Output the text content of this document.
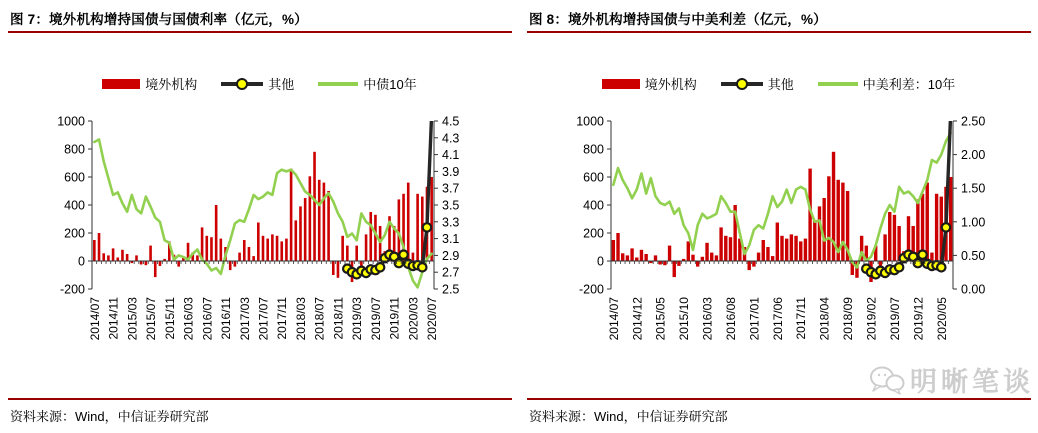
图 7：境外机构增持国债与国债利率（亿元，%）
境外机构	其他	中债10年
-200
0
200
400
600
800
1000
2.5
2.7
2.9
3.1
3.3
3.5
3.7
3.9
4.1
4.3
4.5
2014/07 2014/11 2015/03 2015/07 2015/11 2016/03 2016/07 2016/11 2017/03 2017/07 2017/11 2018/03 2018/07 2018/11 2019/03 2019/07 2019/11 2020/03 2020/07
资料来源：Wind，中信证券研究部
图 8：境外机构增持国债与中美利差（亿元，%）
境外机构	其他	中美利差：10年
-200
0
200
400
600
800
1000
0.00
0.50
1.00
1.50
2.00
2.50
2014/07 2014/12 2015/05 2015/10 2016/03 2016/08 2017/01 2017/06 2017/11 2018/04 2018/09 2019/02 2019/07 2019/12 2020/05
资料来源：Wind，中信证券研究部
明晰笔谈
